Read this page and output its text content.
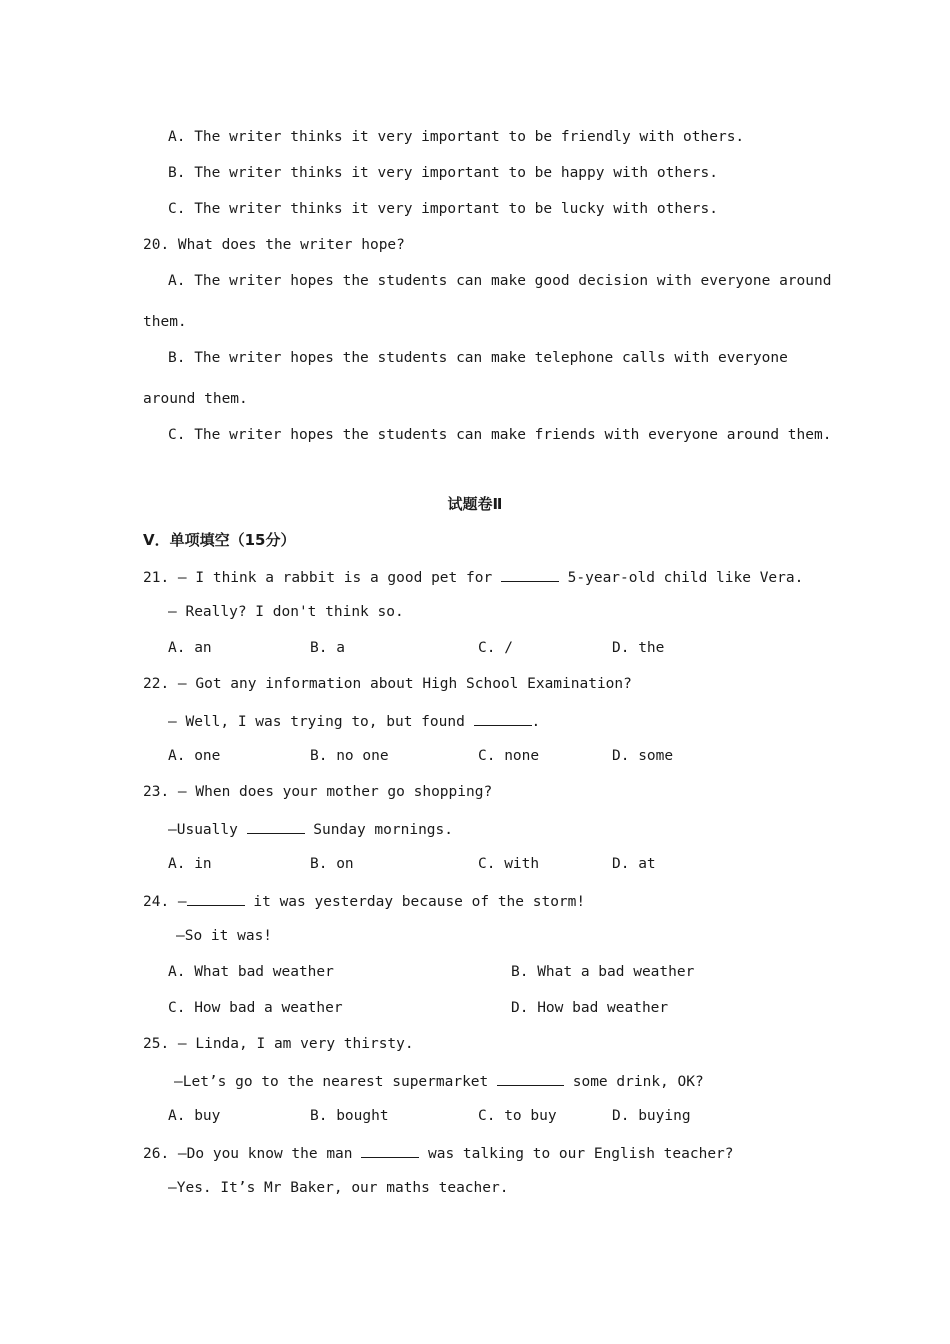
A. The writer thinks it very important to be friendly with others.
B. The writer thinks it very important to be happy with others.
C. The writer thinks it very important to be lucky with others.
20. What does the writer hope?
A. The writer hopes the students can make good decision with everyone around
them.
B. The writer hopes the students can make telephone calls with everyone
around them.
C. The writer hopes the students can make friends with everyone around them.
试题卷Ⅱ
V．单项填空（15分）
21. — I think a rabbit is a good pet for	5-year-old child like Vera.
— Really? I don't think so.
A. an	B. a	C. /	D. the
22. — Got any information about High School Examination?
— Well, I was trying to, but found	.
A. one	B. no one	C. none	D. some
23. — When does your mother go shopping?
—Usually	Sunday mornings.
A. in	B. on	C. with	D. at
24. —	it was yesterday because of the storm!
—So it was!
A. What bad weather	B. What a bad weather
C. How bad a weather	D. How bad weather
25. — Linda, I am very thirsty.
—Let’s go to the nearest supermarket	some drink, OK?
A. buy	B. bought	C. to buy	D. buying
26. —Do you know the man	was talking to our English teacher?
—Yes. It’s Mr Baker, our maths teacher.
